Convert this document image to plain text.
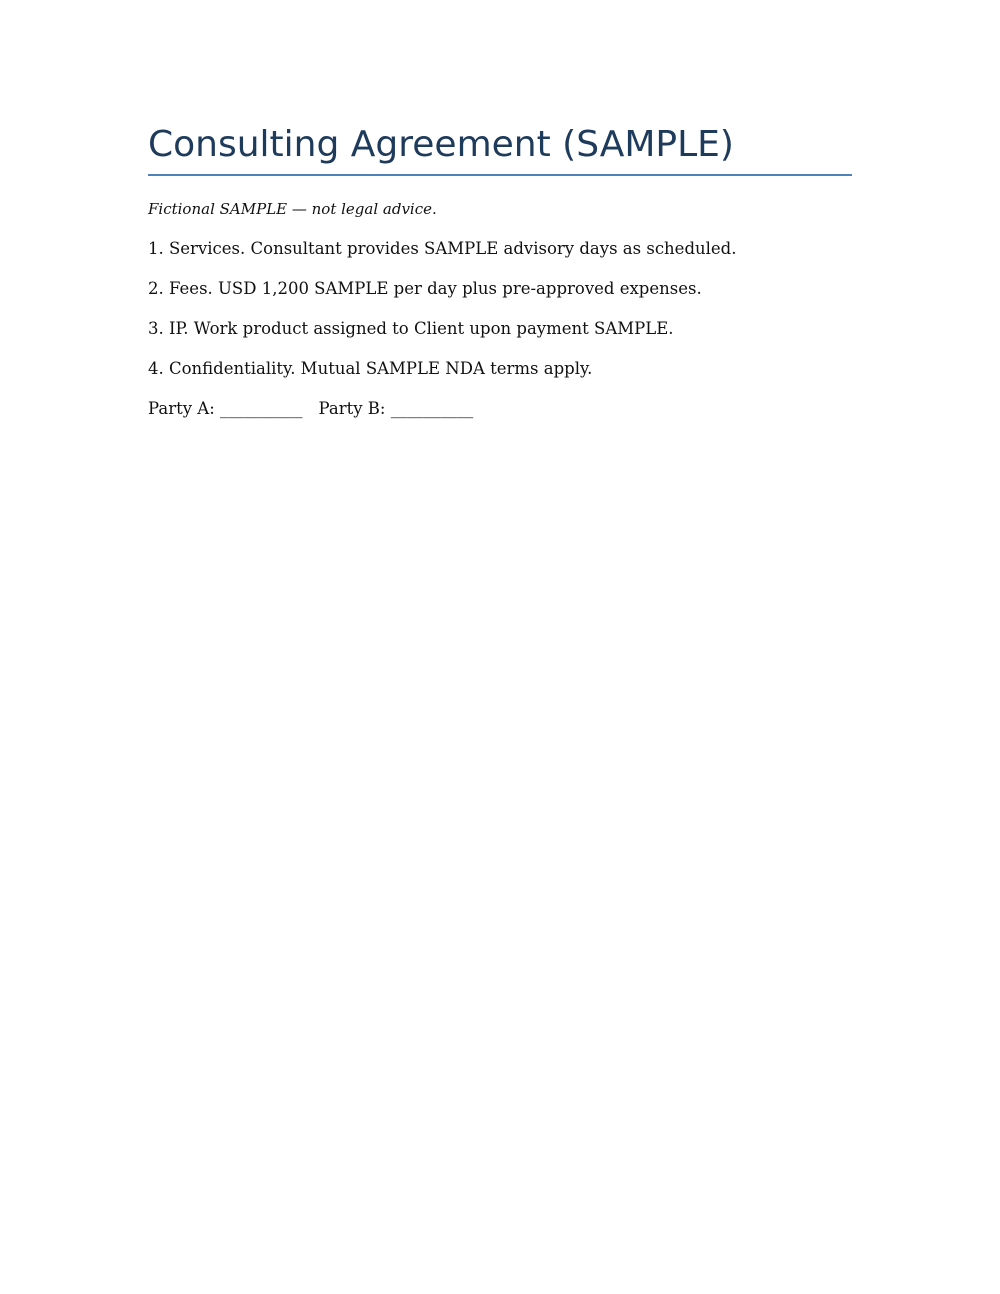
Consulting Agreement (SAMPLE)

Fictional SAMPLE — not legal advice.

1. Services. Consultant provides SAMPLE advisory days as scheduled.
2. Fees. USD 1,200 SAMPLE per day plus pre-approved expenses.
3. IP. Work product assigned to Client upon payment SAMPLE.
4. Confidentiality. Mutual SAMPLE NDA terms apply.

Party A: __________ Party B: __________
